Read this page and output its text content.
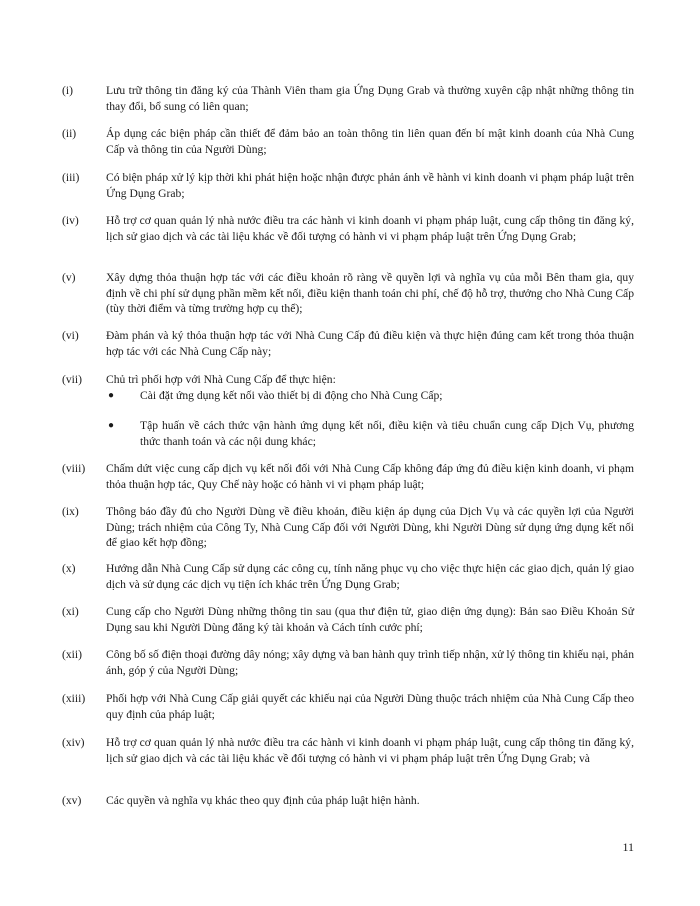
(i)	Lưu trữ thông tin đăng ký của Thành Viên tham gia Ứng Dụng Grab và thường xuyên cập nhật những thông tin thay đổi, bổ sung có liên quan;
(ii)	Áp dụng các biện pháp cần thiết để đảm bảo an toàn thông tin liên quan đến bí mật kinh doanh của Nhà Cung Cấp và thông tin của Người Dùng;
(iii)	Có biện pháp xử lý kịp thời khi phát hiện hoặc nhận được phản ánh về hành vi kinh doanh vi phạm pháp luật trên Ứng Dụng Grab;
(iv)	Hỗ trợ cơ quan quản lý nhà nước điều tra các hành vi kinh doanh vi phạm pháp luật, cung cấp thông tin đăng ký, lịch sử giao dịch và các tài liệu khác về đối tượng có hành vi vi phạm pháp luật trên Ứng Dụng Grab;
(v)	Xây dựng thỏa thuận hợp tác với các điều khoản rõ ràng về quyền lợi và nghĩa vụ của mỗi Bên tham gia, quy định về chi phí sử dụng phần mềm kết nối, điều kiện thanh toán chi phí, chế độ hỗ trợ, thưởng cho Nhà Cung Cấp (tùy thời điểm và từng trường hợp cụ thể);
(vi)	Đàm phán và ký thỏa thuận hợp tác với Nhà Cung Cấp đủ điều kiện và thực hiện đúng cam kết trong thỏa thuận hợp tác với các Nhà Cung Cấp này;
(vii)	Chủ trì phối hợp với Nhà Cung Cấp để thực hiện:
● Cài đặt ứng dụng kết nối vào thiết bị di động cho Nhà Cung Cấp;
● Tập huấn về cách thức vận hành ứng dụng kết nối, điều kiện và tiêu chuẩn cung cấp Dịch Vụ, phương thức thanh toán và các nội dung khác;
(viii)	Chấm dứt việc cung cấp dịch vụ kết nối đối với Nhà Cung Cấp không đáp ứng đủ điều kiện kinh doanh, vi phạm thỏa thuận hợp tác, Quy Chế này hoặc có hành vi vi phạm pháp luật;
(ix)	Thông báo đầy đủ cho Người Dùng về điều khoản, điều kiện áp dụng của Dịch Vụ và các quyền lợi của Người Dùng; trách nhiệm của Công Ty, Nhà Cung Cấp đối với Người Dùng, khi Người Dùng sử dụng ứng dụng kết nối để giao kết hợp đồng;
(x)	Hướng dẫn Nhà Cung Cấp sử dụng các công cụ, tính năng phục vụ cho việc thực hiện các giao dịch, quản lý giao dịch và sử dụng các dịch vụ tiện ích khác trên Ứng Dụng Grab;
(xi)	Cung cấp cho Người Dùng những thông tin sau (qua thư điện tử, giao diện ứng dụng): Bản sao Điều Khoản Sử Dụng sau khi Người Dùng đăng ký tài khoản và Cách tính cước phí;
(xii)	Công bố số điện thoại đường dây nóng; xây dựng và ban hành quy trình tiếp nhận, xử lý thông tin khiếu nại, phản ánh, góp ý của Người Dùng;
(xiii)	Phối hợp với Nhà Cung Cấp giải quyết các khiếu nại của Người Dùng thuộc trách nhiệm của Nhà Cung Cấp theo quy định của pháp luật;
(xiv)	Hỗ trợ cơ quan quản lý nhà nước điều tra các hành vi kinh doanh vi phạm pháp luật, cung cấp thông tin đăng ký, lịch sử giao dịch và các tài liệu khác về đối tượng có hành vi vi phạm pháp luật trên Ứng Dụng Grab; và
(xv)	Các quyền và nghĩa vụ khác theo quy định của pháp luật hiện hành.
11
